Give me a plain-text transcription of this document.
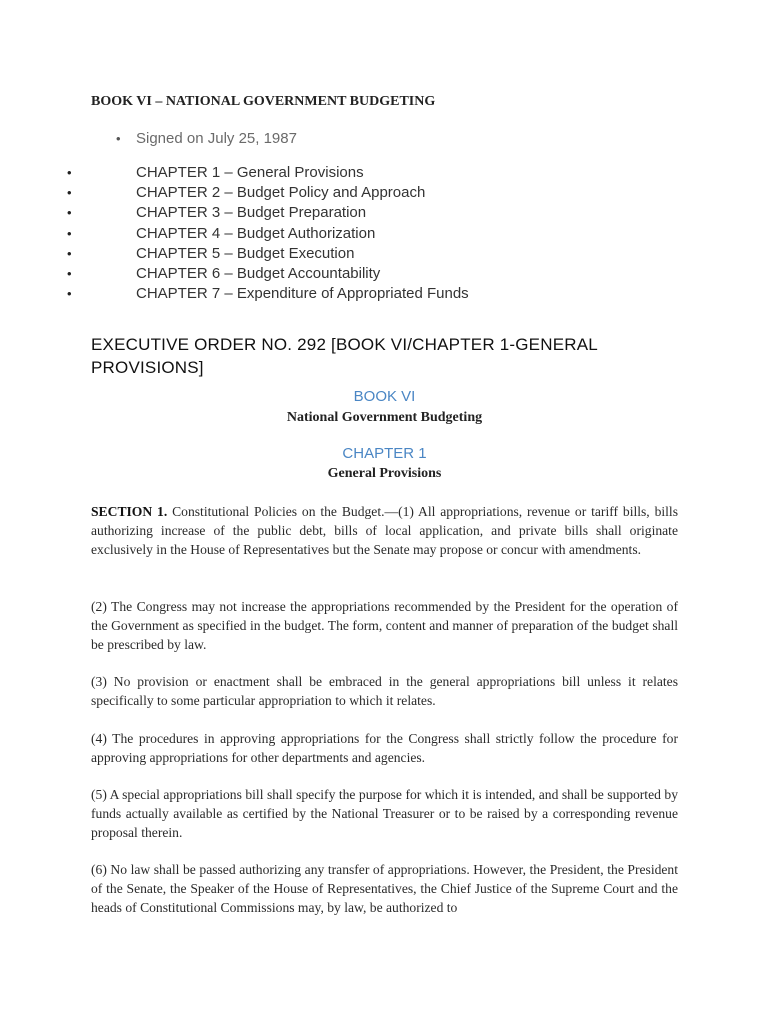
BOOK VI – NATIONAL GOVERNMENT BUDGETING
• Signed on July 25, 1987
•	CHAPTER 1 – General Provisions
•	CHAPTER 2 – Budget Policy and Approach
•	CHAPTER 3 – Budget Preparation
•	CHAPTER 4 – Budget Authorization
•	CHAPTER 5 – Budget Execution
•	CHAPTER 6 – Budget Accountability
•	CHAPTER 7 – Expenditure of Appropriated Funds
EXECUTIVE ORDER NO. 292 [BOOK VI/CHAPTER 1-GENERAL PROVISIONS]
BOOK VI
National Government Budgeting
CHAPTER 1
General Provisions

SECTION 1. Constitutional Policies on the Budget.—(1) All appropriations, revenue or tariff bills, bills authorizing increase of the public debt, bills of local application, and private bills shall originate exclusively in the House of Representatives but the Senate may propose or concur with amendments.

(2) The Congress may not increase the appropriations recommended by the President for the operation of the Government as specified in the budget. The form, content and manner of preparation of the budget shall be prescribed by law.

(3) No provision or enactment shall be embraced in the general appropriations bill unless it relates specifically to some particular appropriation to which it relates.

(4) The procedures in approving appropriations for the Congress shall strictly follow the procedure for approving appropriations for other departments and agencies.

(5) A special appropriations bill shall specify the purpose for which it is intended, and shall be supported by funds actually available as certified by the National Treasurer or to be raised by a corresponding revenue proposal therein.

(6) No law shall be passed authorizing any transfer of appropriations. However, the President, the President of the Senate, the Speaker of the House of Representatives, the Chief Justice of the Supreme Court and the heads of Constitutional Commissions may, by law, be authorized to
